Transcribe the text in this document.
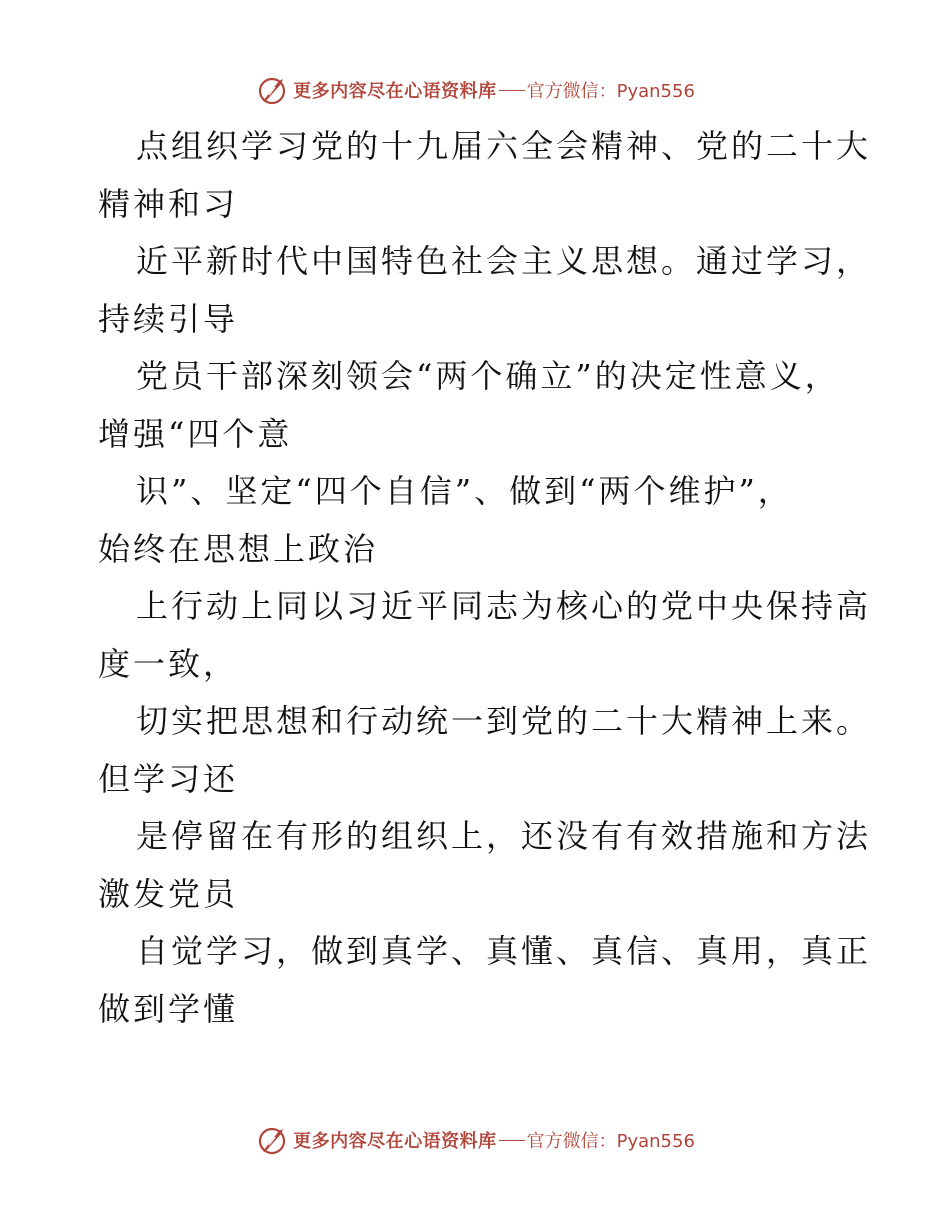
更多内容尽在心语资料库 官方微信：Pyan556
点组织学习党的十九届六全会精神、党的二十大
精神和习
近平新时代中国特色社会主义思想。通过学习，
持续引导
党员干部深刻领会“两个确立”的决定性意义，
增强“四个意
识”、坚定“四个自信”、做到“两个维护”，
始终在思想上政治
上行动上同以习近平同志为核心的党中央保持高
度一致，
切实把思想和行动统一到党的二十大精神上来。
但学习还
是停留在有形的组织上，还没有有效措施和方法
激发党员
自觉学习，做到真学、真懂、真信、真用，真正
做到学懂
更多内容尽在心语资料库 官方微信：Pyan556
